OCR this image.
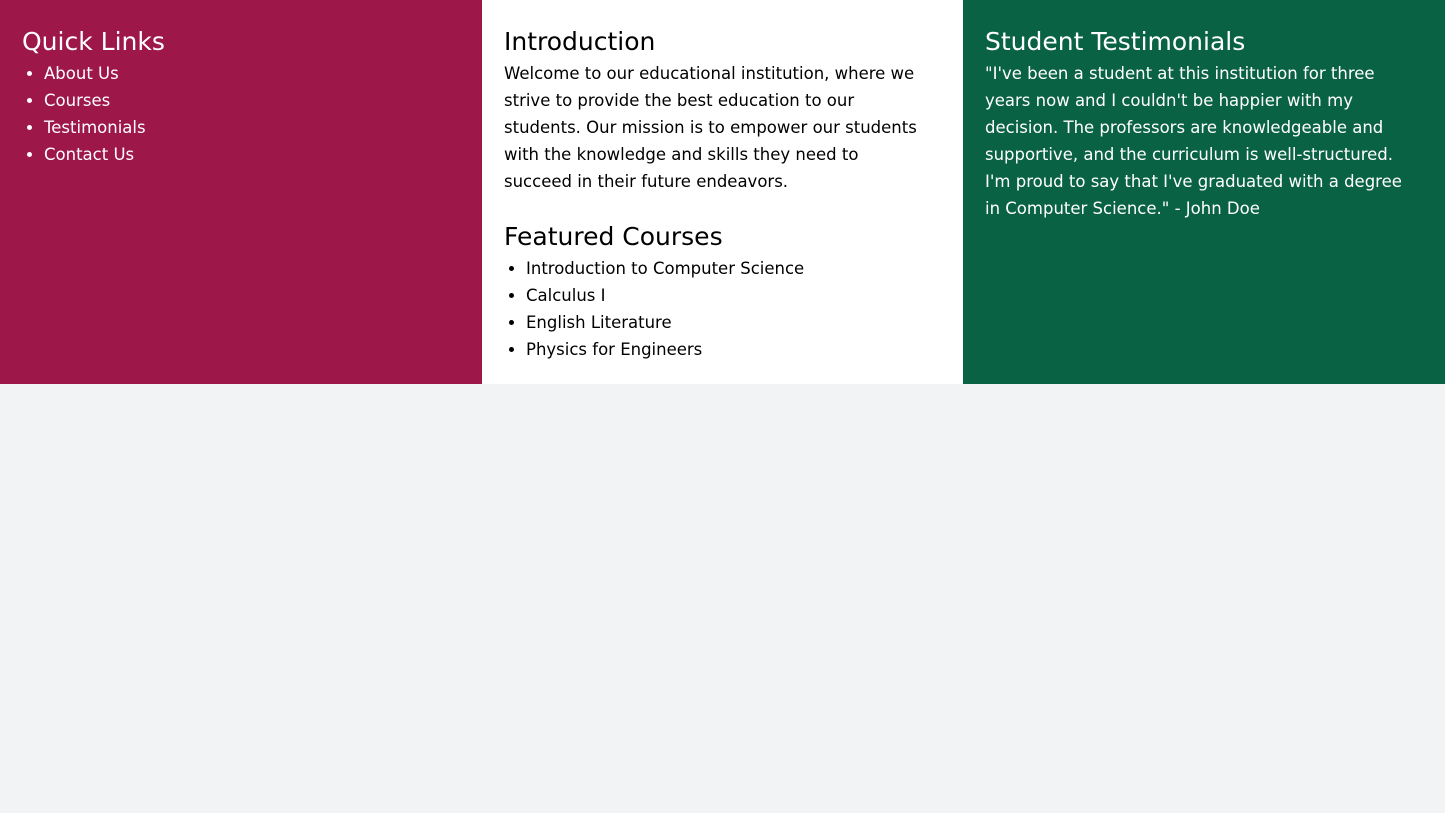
Quick Links
• About Us
• Courses
• Testimonials
• Contact Us
Introduction

Welcome to our educational institution, where we strive to provide the best education to our students. Our mission is to empower our students with the knowledge and skills they need to succeed in their future endeavors.

Featured Courses
• Introduction to Computer Science
• Calculus I
• English Literature
• Physics for Engineers
Student Testimonials

"I've been a student at this institution for three years now and I couldn't be happier with my decision. The professors are knowledgeable and supportive, and the curriculum is well-structured. I'm proud to say that I've graduated with a degree in Computer Science." - John Doe
